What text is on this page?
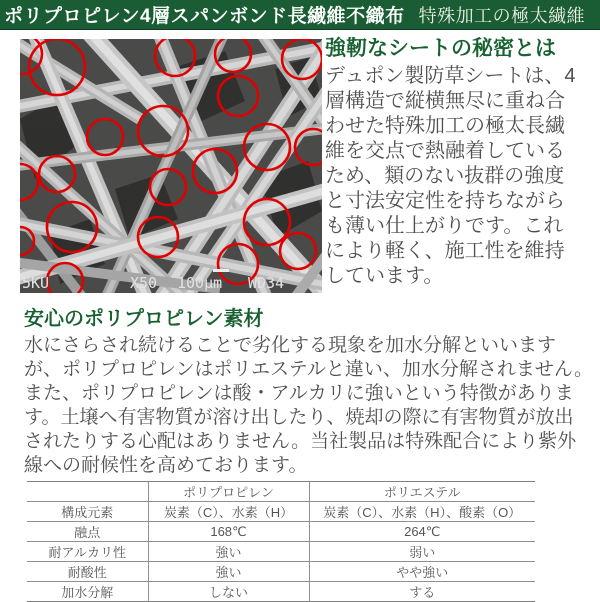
ポリプロピレン4層スパンボンド長繊維不織布 特殊加工の極太繊維
5KU	X50 100μm WD34
強靭なシートの秘密とは
デュポン製防草シートは、4
層構造で縦横無尽に重ね合
わせた特殊加工の極太長繊
維を交点で熱融着している
ため、類のない抜群の強度
と寸法安定性を持ちながら
も薄い仕上がりです。これ
により軽く、施工性を維持
しています。
安心のポリプロピレン素材
水にさらされ続けることで劣化する現象を加水分解といいます
が、ポリプロピレンはポリエステルと違い、加水分解されません。
また、ポリプロピレンは酸・アルカリに強いという特徴がありま
す。土壌へ有害物質が溶け出したり、焼却の際に有害物質が放出
されたりする心配はありません。当社製品は特殊配合により紫外
線への耐候性を高めております。
	ポリプロピレン	ポリエステル
構成元素	炭素（C）、水素（H）	炭素（C）、水素（H）、酸素（O）
融点	168℃	264℃
耐アルカリ性	強い	弱い
耐酸性	強い	やや強い
加水分解	しない	する
